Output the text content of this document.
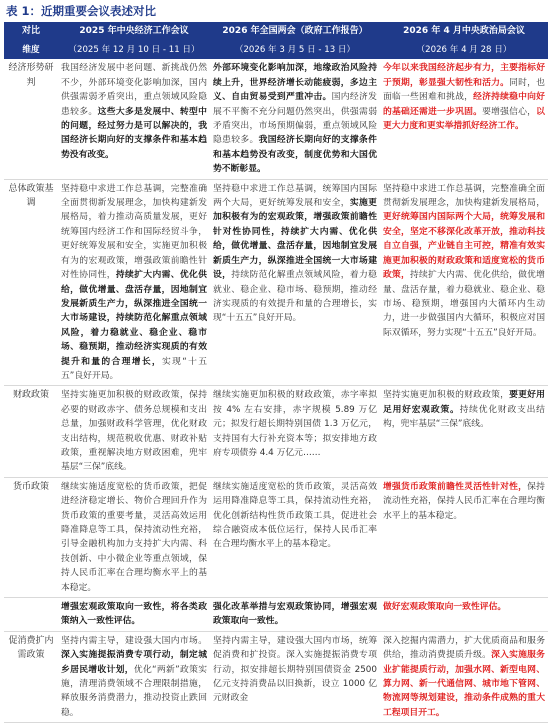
表 1：近期重要会议表述对比
对比	2025 年中央经济工作会议	2026 年全国两会（政府工作报告）	2026 年 4 月中央政治局会议
维度	（2025 年 12 月 10 日 - 11 日）	（2026 年 3 月 5 日 - 13 日）	（2026 年 4 月 28 日）
经济形势研判	我国经济发展中老问题、新挑战仍然不少，外部环境变化影响加深，国内供强需弱矛盾突出，重点领域风险隐患较多。这些大多是发展中、转型中的问题，经过努力是可以解决的，我国经济长期向好的支撑条件和基本趋势没有改变。	外部环境变化影响加深，地缘政治风险持续上升，世界经济增长动能疲弱，多边主义、自由贸易受到严重冲击。国内经济发展不平衡不充分问题仍然突出，供强需弱矛盾突出，市场预期偏弱，重点领域风险隐患较多。我国经济长期向好的支撑条件和基本趋势没有改变，制度优势和大国优势不断彰显。	今年以来我国经济起步有力，主要指标好于预期，彰显强大韧性和活力。同时，也面临一些困难和挑战，经济持续稳中向好的基础还需进一步巩固。要增强信心，以更大力度和更实举措抓好经济工作。
总体政策基调	坚持稳中求进工作总基调，完整准确全面贯彻新发展理念，加快构建新发展格局，着力推动高质量发展，更好统筹国内经济工作和国际经贸斗争，更好统筹发展和安全，实施更加积极有为的宏观政策，增强政策前瞻性针对性协同性，持续扩大内需、优化供给，做优增量、盘活存量，因地制宜发展新质生产力，纵深推进全国统一大市场建设，持续防范化解重点领域风险，着力稳就业、稳企业、稳市场、稳预期，推动经济实现质的有效提升和量的合理增长，实现“十五五”良好开局。	坚持稳中求进工作总基调，统筹国内国际两个大局，更好统筹发展和安全，实施更加积极有为的宏观政策，增强政策前瞻性针对性协同性，持续扩大内需、优化供给，做优增量、盘活存量，因地制宜发展新质生产力，纵深推进全国统一大市场建设，持续防范化解重点领域风险，着力稳就业、稳企业、稳市场、稳预期，推动经济实现质的有效提升和量的合理增长，实现“十五五”良好开局。	坚持稳中求进工作总基调，完整准确全面贯彻新发展理念，加快构建新发展格局，更好统筹国内国际两个大局，统筹发展和安全，坚定不移深化改革开放，推动科技自立自强，产业链自主可控，精准有效实施更加积极的财政政策和适度宽松的货币政策，持续扩大内需、优化供给，做优增量、盘活存量，着力稳就业、稳企业、稳市场、稳预期，增强国内大循环内生动力，进一步做强国内大循环，积极应对国际双循环，努力实现“十五五”良好开局。
财政政策	坚持实施更加积极的财政政策，保持必要的财政赤字、债务总规模和支出总量，加强财政科学管理，优化财政支出结构，规范税收优惠、财政补贴政策，重视解决地方财政困难，兜牢基层“三保”底线。	继续实施更加积极的财政政策，赤字率拟按 4% 左右安排，赤字规模 5.89 万亿元；拟发行超长期特别国债 1.3 万亿元，支持国有大行补充资本等；拟安排地方政府专项债券 4.4 万亿元……	坚持实施更加积极的财政政策，要更好用足用好宏观政策。持续优化财政支出结构，兜牢基层“三保”底线。
货币政策	继续实施适度宽松的货币政策，把促进经济稳定增长、物价合理回升作为货币政策的重要考量，灵活高效运用降准降息等工具，保持流动性充裕，引导金融机构加力支持扩大内需、科技创新、中小微企业等重点领域，保持人民币汇率在合理均衡水平上的基本稳定。	继续实施适度宽松的货币政策，灵活高效运用降准降息等工具，保持流动性充裕，优化创新结构性货币政策工具，促进社会综合融资成本低位运行，保持人民币汇率在合理均衡水平上的基本稳定。	增强货币政策前瞻性灵活性针对性，保持流动性充裕，保持人民币汇率在合理均衡水平上的基本稳定。
	增强宏观政策取向一致性，将各类政策纳入一致性评估。	强化改革举措与宏观政策协同，增强宏观政策取向一致性。	做好宏观政策取向一致性评估。
促消费扩内需政策	坚持内需主导，建设强大国内市场。深入实施提振消费专项行动，制定城乡居民增收计划，优化“两新”政策实施，清理消费领域不合理限制措施，释放服务消费潜力，推动投资止跌回稳。	坚持内需主导，建设强大国内市场，统筹促消费和扩投资。深入实施提振消费专项行动，拟安排超长期特别国债资金 2500 亿元支持消费品以旧换新，设立 1000 亿元财政金	深入挖掘内需潜力，扩大优质商品和服务供给，推动消费提质升级。深入实施服务业扩能提质行动，加强水网、新型电网、算力网、新一代通信网、城市地下管网、物流网等规划建设，推动条件成熟的重大工程项目开工。
